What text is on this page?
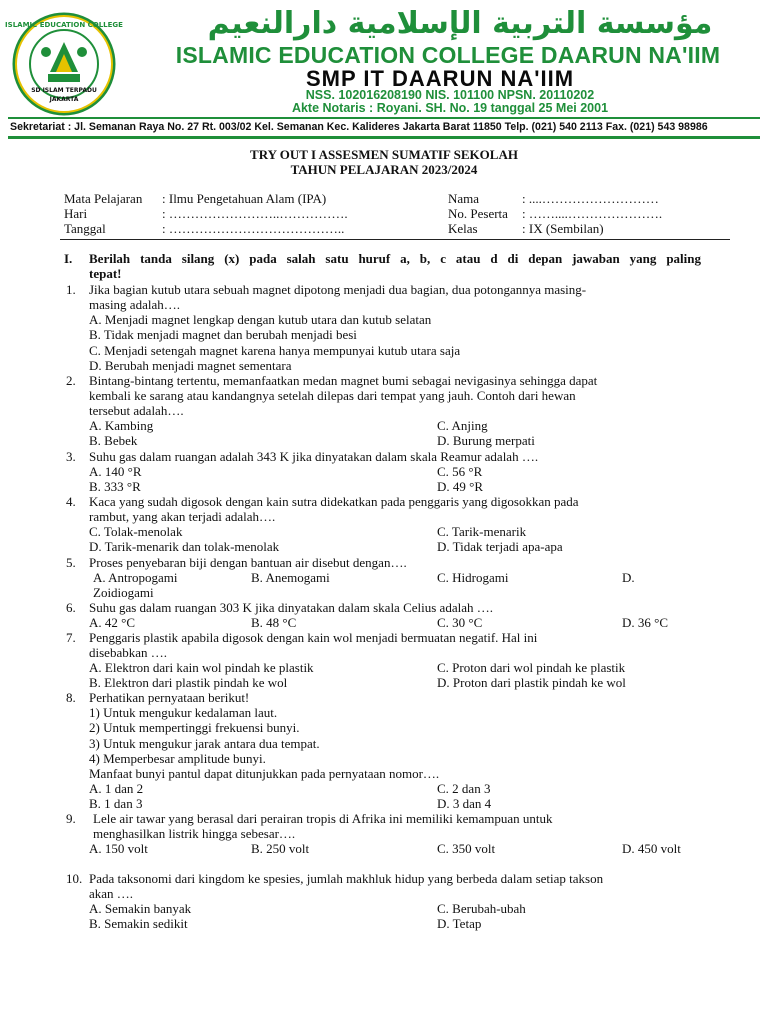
ISLAMIC EDUCATION COLLEGE
SD ISLAM TERPADU
JAKARTA
مؤسسة التربية الإسلامية دارالنعيم
ISLAMIC EDUCATION COLLEGE DAARUN NA'IIM
SMP IT DAARUN NA'IIM
NSS. 102016208190 NIS. 101100 NPSN. 20110202
Akte Notaris : Royani. SH. No. 19 tanggal 25 Mei 2001
Sekretariat : Jl. Semanan Raya No. 27 Rt. 003/02 Kel. Semanan Kec. Kalideres Jakarta Barat 11850 Telp. (021) 540 2113 Fax. (021) 543 98986
TRY OUT I ASSESMEN SUMATIF SEKOLAH
TAHUN PELAJARAN 2023/2024
Mata Pelajaran : Ilmu Pengetahuan Alam (IPA)
Hari	: ……………………..…………….
Tanggal	: …………………………………..
Nama	: ....………………………
No. Peserta : ……....………………….
Kelas	: IX (Sembilan)
I. Berilah tanda silang (x) pada salah satu huruf a, b, c atau d di depan jawaban yang paling
tepat!
1. Jika bagian kutub utara sebuah magnet dipotong menjadi dua bagian, dua potongannya masing-
masing adalah….
A. Menjadi magnet lengkap dengan kutub utara dan kutub selatan
B. Tidak menjadi magnet dan berubah menjadi besi
C. Menjadi setengah magnet karena hanya mempunyai kutub utara saja
D. Berubah menjadi magnet sementara
2. Bintang-bintang tertentu, memanfaatkan medan magnet bumi sebagai nevigasinya sehingga dapat
kembali ke sarang atau kandangnya setelah dilepas dari tempat yang jauh. Contoh dari hewan
tersebut adalah….
A. Kambing	C. Anjing
B. Bebek	D. Burung merpati
3. Suhu gas dalam ruangan adalah 343 K jika dinyatakan dalam skala Reamur adalah ….
A. 140 °R	C. 56 °R
B. 333 °R	D. 49 °R
4. Kaca yang sudah digosok dengan kain sutra didekatkan pada penggaris yang digosokkan pada
rambut, yang akan terjadi adalah….
C. Tolak-menolak	C. Tarik-menarik
D. Tarik-menarik dan tolak-menolak	D. Tidak terjadi apa-apa
5. Proses penyebaran biji dengan bantuan air disebut dengan….
A. Antropogami	B. Anemogami	C. Hidrogami	D.
Zoidiogami
6. Suhu gas dalam ruangan 303 K jika dinyatakan dalam skala Celius adalah ….
A. 42 °C	B. 48 °C	C. 30 °C	D. 36 °C
7. Penggaris plastik apabila digosok dengan kain wol menjadi bermuatan negatif. Hal ini
disebabkan ….
A. Elektron dari kain wol pindah ke plastik	C. Proton dari wol pindah ke plastik
B. Elektron dari plastik pindah ke wol	D. Proton dari plastik pindah ke wol
8. Perhatikan pernyataan berikut!
1) Untuk mengukur kedalaman laut.
2) Untuk mempertinggi frekuensi bunyi.
3) Untuk mengukur jarak antara dua tempat.
4) Memperbesar amplitude bunyi.
Manfaat bunyi pantul dapat ditunjukkan pada pernyataan nomor….
A. 1 dan 2	C. 2 dan 3
B. 1 dan 3	D. 3 dan 4
9. Lele air tawar yang berasal dari perairan tropis di Afrika ini memiliki kemampuan untuk
menghasilkan listrik hingga sebesar….
A. 150 volt	B. 250 volt	C. 350 volt	D. 450 volt
10. Pada taksonomi dari kingdom ke spesies, jumlah makhluk hidup yang berbeda dalam setiap takson
akan ….
A. Semakin banyak	C. Berubah-ubah
B. Semakin sedikit	D. Tetap
